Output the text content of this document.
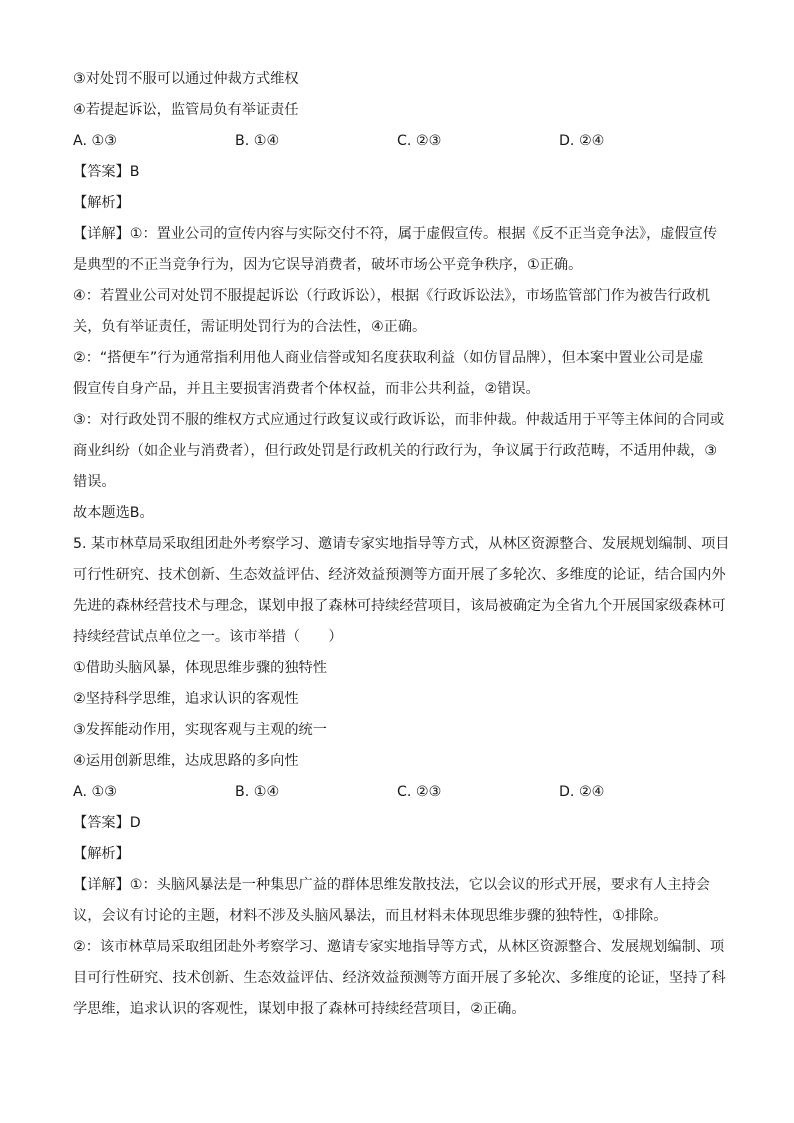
③对处罚不服可以通过仲裁方式维权
④若提起诉讼，监管局负有举证责任
A. ①③	B. ①④	C. ②③	D. ②④
【答案】B
【解析】
【详解】①：置业公司的宣传内容与实际交付不符，属于虚假宣传。根据《反不正当竞争法》，虚假宣传
是典型的不正当竞争行为，因为它误导消费者，破坏市场公平竞争秩序，①正确。
④：若置业公司对处罚不服提起诉讼（行政诉讼），根据《行政诉讼法》，市场监管部门作为被告行政机
关，负有举证责任，需证明处罚行为的合法性，④正确。
②：“搭便车”行为通常指利用他人商业信誉或知名度获取利益（如仿冒品牌），但本案中置业公司是虚
假宣传自身产品，并且主要损害消费者个体权益，而非公共利益，②错误。
③：对行政处罚不服的维权方式应通过行政复议或行政诉讼，而非仲裁。仲裁适用于平等主体间的合同或
商业纠纷（如企业与消费者），但行政处罚是行政机关的行政行为，争议属于行政范畴，不适用仲裁，③
错误。
故本题选B。
5. 某市林草局采取组团赴外考察学习、邀请专家实地指导等方式，从林区资源整合、发展规划编制、项目
可行性研究、技术创新、生态效益评估、经济效益预测等方面开展了多轮次、多维度的论证，结合国内外
先进的森林经营技术与理念，谋划申报了森林可持续经营项目，该局被确定为全省九个开展国家级森林可
持续经营试点单位之一。该市举措（　　）
①借助头脑风暴，体现思维步骤的独特性
②坚持科学思维，追求认识的客观性
③发挥能动作用，实现客观与主观的统一
④运用创新思维，达成思路的多向性
A. ①③	B. ①④	C. ②③	D. ②④
【答案】D
【解析】
【详解】①：头脑风暴法是一种集思广益的群体思维发散技法，它以会议的形式开展，要求有人主持会
议，会议有讨论的主题，材料不涉及头脑风暴法，而且材料未体现思维步骤的独特性，①排除。
②：该市林草局采取组团赴外考察学习、邀请专家实地指导等方式，从林区资源整合、发展规划编制、项
目可行性研究、技术创新、生态效益评估、经济效益预测等方面开展了多轮次、多维度的论证，坚持了科
学思维，追求认识的客观性，谋划申报了森林可持续经营项目，②正确。
